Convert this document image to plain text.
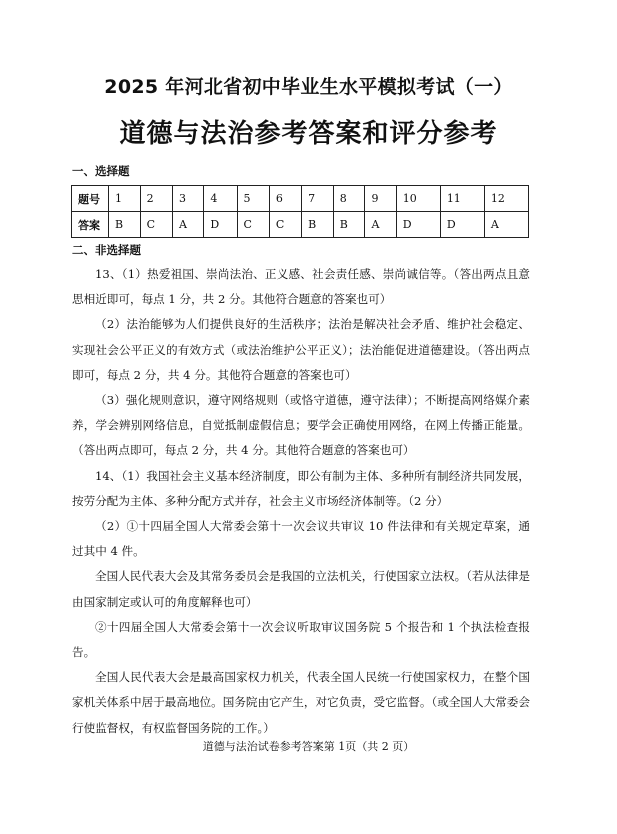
2025 年河北省初中毕业生水平模拟考试（一）
道德与法治参考答案和评分参考
一、选择题
题号	1	2	3	4	5	6	7	8	9	10	11	12
答案	B	C	A	D	C	C	B	B	A	D	D	A
二、非选择题

13、（1）热爱祖国、崇尚法治、正义感、社会责任感、崇尚诚信等。（答出两点且意思相近即可，每点 1 分，共 2 分。其他符合题意的答案也可）

（2）法治能够为人们提供良好的生活秩序；法治是解决社会矛盾、维护社会稳定、实现社会公平正义的有效方式（或法治维护公平正义）；法治能促进道德建设。（答出两点即可，每点 2 分，共 4 分。其他符合题意的答案也可）

（3）强化规则意识，遵守网络规则（或恪守道德，遵守法律）；不断提高网络媒介素养，学会辨别网络信息，自觉抵制虚假信息；要学会正确使用网络，在网上传播正能量。（答出两点即可，每点 2 分，共 4 分。其他符合题意的答案也可）

14、（1）我国社会主义基本经济制度，即公有制为主体、多种所有制经济共同发展，按劳分配为主体、多种分配方式并存，社会主义市场经济体制等。（2 分）

（2）①十四届全国人大常委会第十一次会议共审议 10 件法律和有关规定草案，通过其中 4 件。

全国人民代表大会及其常务委员会是我国的立法机关，行使国家立法权。（若从法律是由国家制定或认可的角度解释也可）

②十四届全国人大常委会第十一次会议听取审议国务院 5 个报告和 1 个执法检查报告。

全国人民代表大会是最高国家权力机关，代表全国人民统一行使国家权力，在整个国家机关体系中居于最高地位。国务院由它产生，对它负责，受它监督。（或全国人大常委会行使监督权，有权监督国务院的工作。）

道德与法治试卷参考答案第 1页（共 2 页）
